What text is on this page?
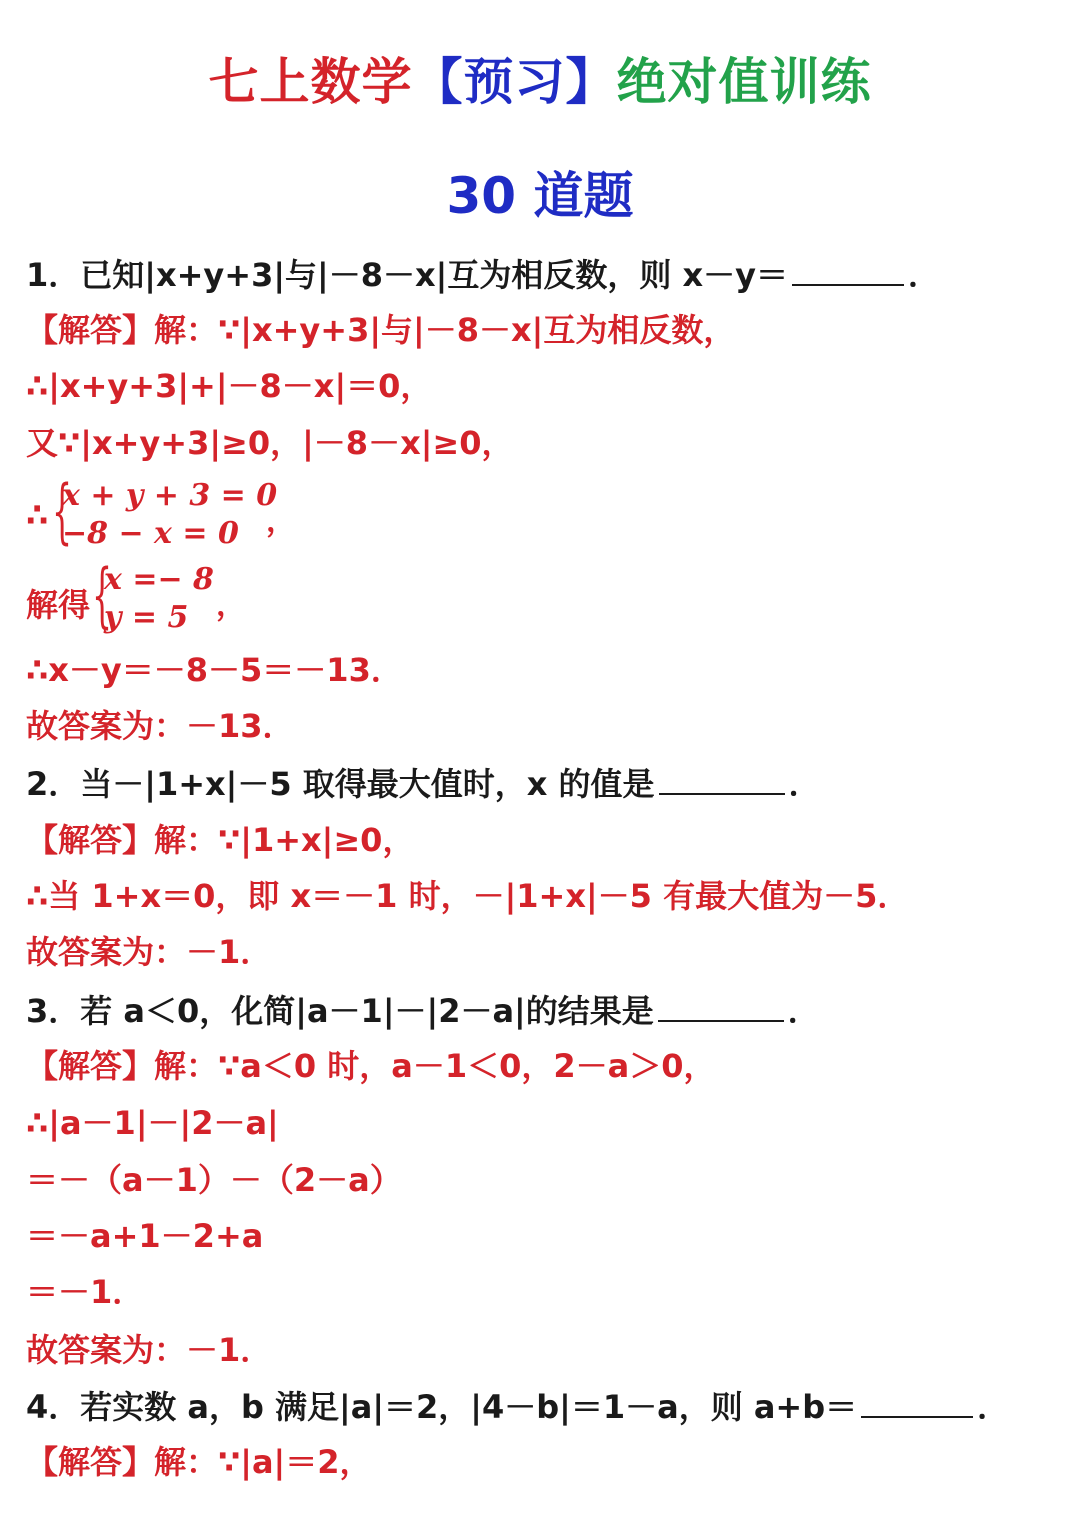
七上数学【预习】绝对值训练
30 道题
1．已知|x+y+3|与|－8－x|互为相反数，则 x－y＝	．
【解答】解：∵|x+y+3|与|－8－x|互为相反数，
∴|x+y+3|+|－8－x|＝0，
又∵|x+y+3|≥0，|－8－x|≥0，
∴ {
x + y + 3 = 0
−8 − x = 0 ，
解得 {
x =− 8
y = 5 ，
∴x－y＝－8－5＝－13．
故答案为：－13．
2．当－|1+x|－5 取得最大值时，x 的值是	．
【解答】解：∵|1+x|≥0，
∴当 1+x＝0，即 x＝－1 时，－|1+x|－5 有最大值为－5．
故答案为：－1．
3．若 a＜0，化简|a－1|－|2－a|的结果是	．
【解答】解：∵a＜0 时，a－1＜0，2－a＞0，
∴|a－1|－|2－a|
＝－（a－1）－（2－a）
＝－a+1－2+a
＝－1．
故答案为：－1．
4．若实数 a，b 满足|a|＝2，|4－b|＝1－a，则 a+b＝	．
【解答】解：∵|a|＝2，
